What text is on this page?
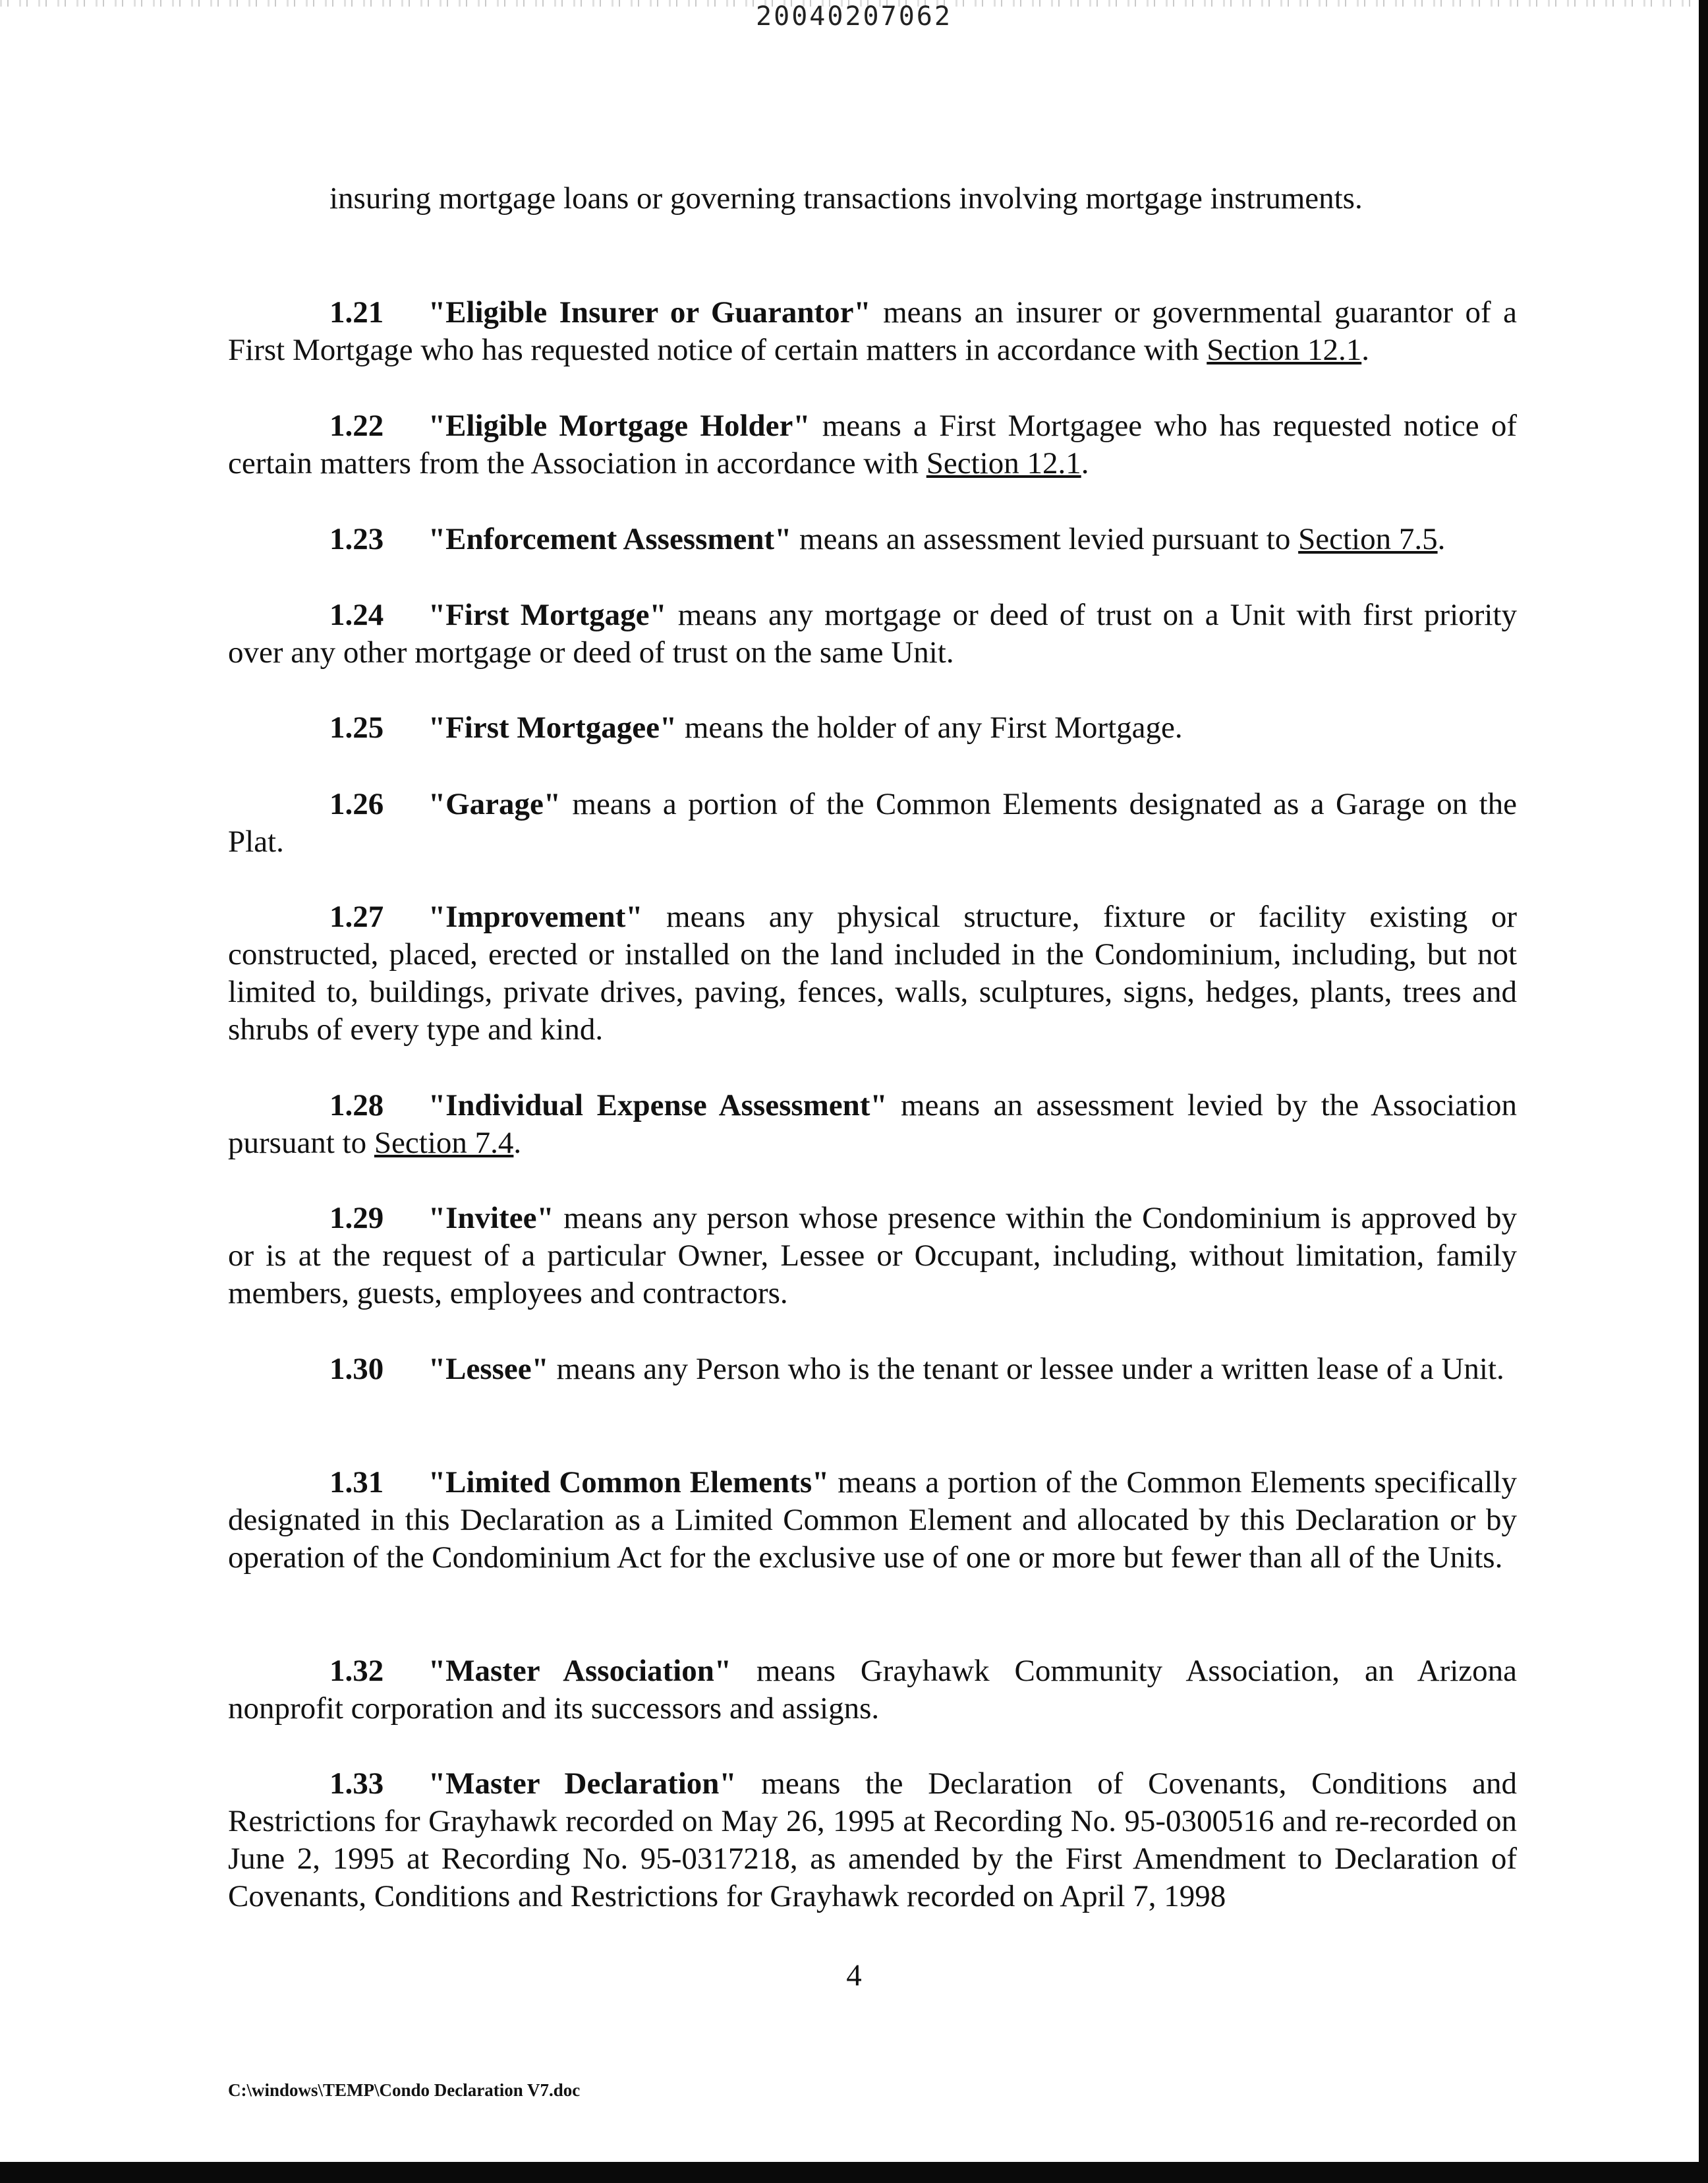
20040207062

insuring mortgage loans or governing transactions involving mortgage instruments.

1.21 "Eligible Insurer or Guarantor" means an insurer or governmental guarantor of a First Mortgage who has requested notice of certain matters in accordance with Section 12.1.

1.22 "Eligible Mortgage Holder" means a First Mortgagee who has requested notice of certain matters from the Association in accordance with Section 12.1.

1.23 "Enforcement Assessment" means an assessment levied pursuant to Section 7.5.

1.24 "First Mortgage" means any mortgage or deed of trust on a Unit with first priority over any other mortgage or deed of trust on the same Unit.

1.25 "First Mortgagee" means the holder of any First Mortgage.

1.26 "Garage" means a portion of the Common Elements designated as a Garage on the Plat.

1.27 "Improvement" means any physical structure, fixture or facility existing or constructed, placed, erected or installed on the land included in the Condominium, including, but not limited to, buildings, private drives, paving, fences, walls, sculptures, signs, hedges, plants, trees and shrubs of every type and kind.

1.28 "Individual Expense Assessment" means an assessment levied by the Association pursuant to Section 7.4.

1.29 "Invitee" means any person whose presence within the Condominium is approved by or is at the request of a particular Owner, Lessee or Occupant, including, without limitation, family members, guests, employees and contractors.

1.30 "Lessee" means any Person who is the tenant or lessee under a written lease of a Unit.

1.31 "Limited Common Elements" means a portion of the Common Elements specifically designated in this Declaration as a Limited Common Element and allocated by this Declaration or by operation of the Condominium Act for the exclusive use of one or more but fewer than all of the Units.

1.32 "Master Association" means Grayhawk Community Association, an Arizona nonprofit corporation and its successors and assigns.

1.33 "Master Declaration" means the Declaration of Covenants, Conditions and Restrictions for Grayhawk recorded on May 26, 1995 at Recording No. 95-0300516 and re-recorded on June 2, 1995 at Recording No. 95-0317218, as amended by the First Amendment to Declaration of Covenants, Conditions and Restrictions for Grayhawk recorded on April 7, 1998

4
C:\windows\TEMP\Condo Declaration V7.doc
